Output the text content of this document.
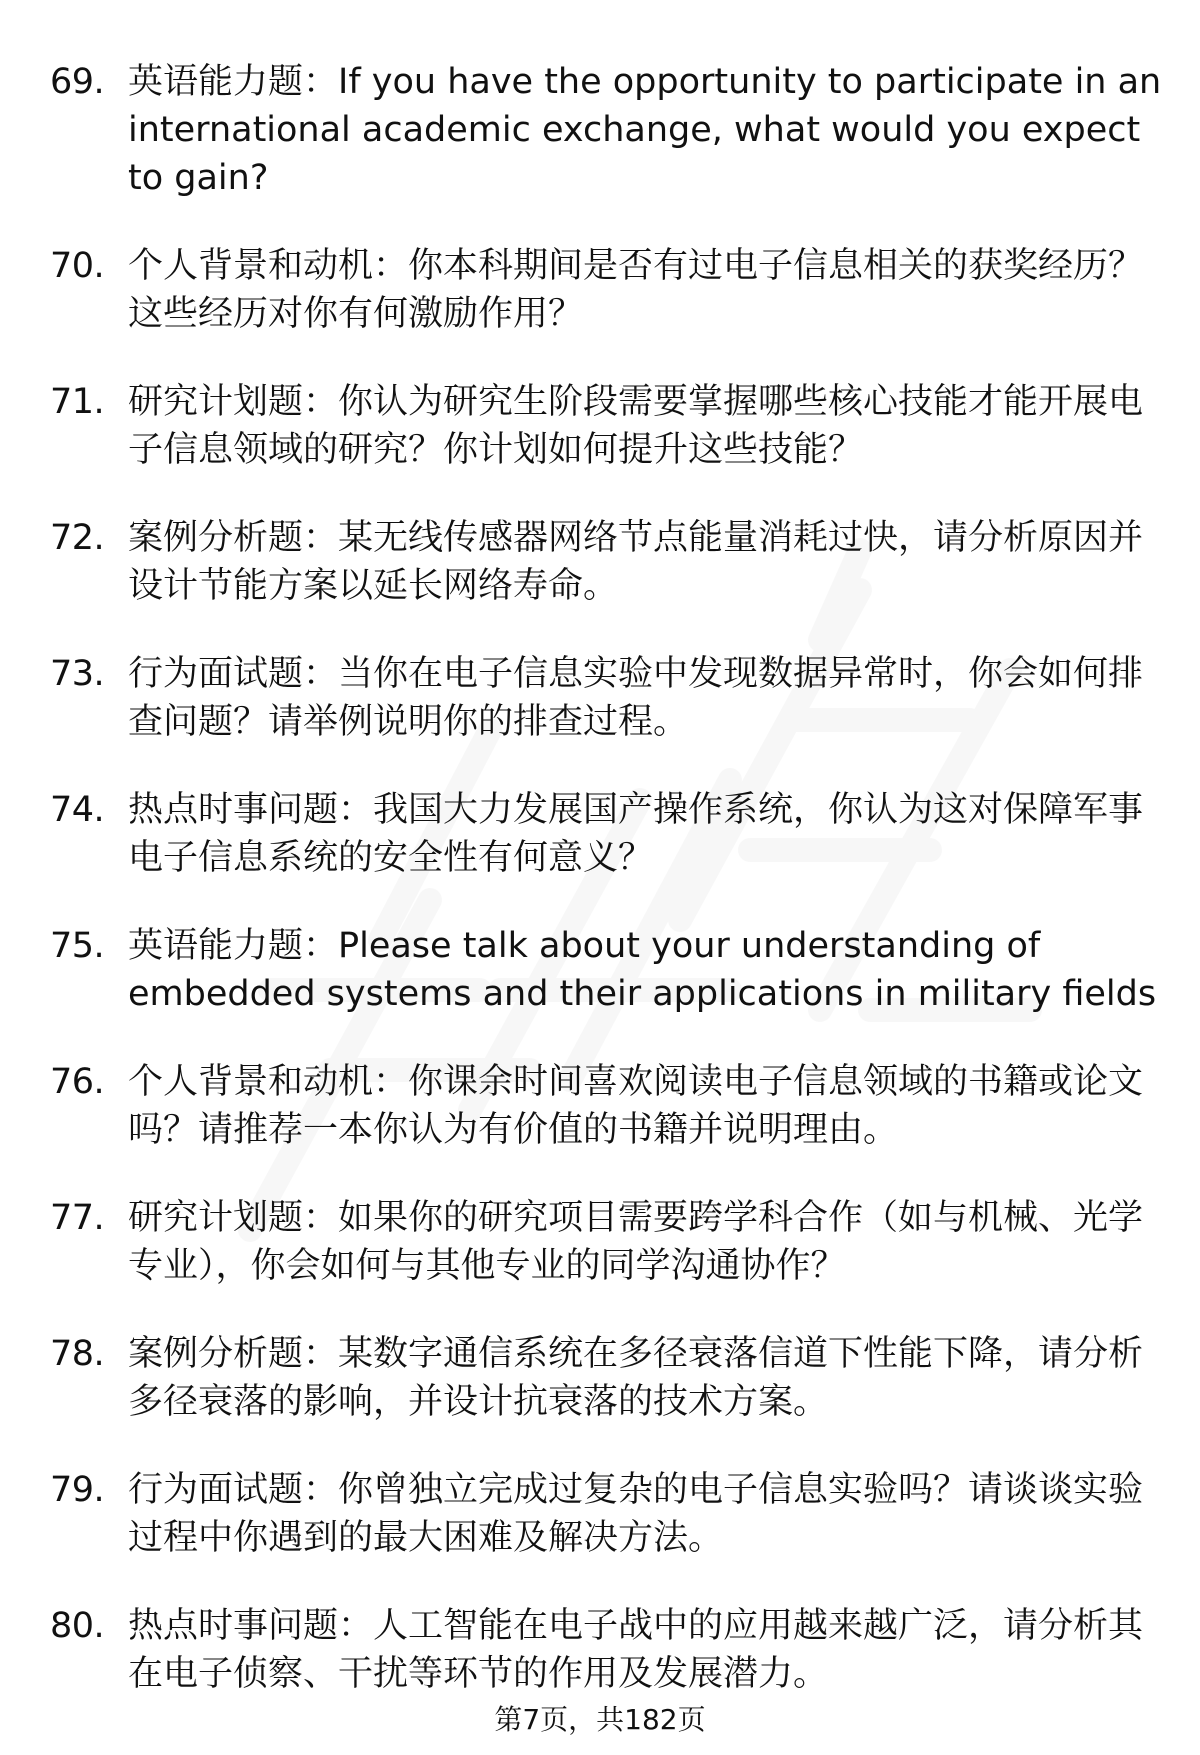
69. 英语能力题：If you have the opportunity to participate in an international academic exchange, what would you expect to gain?
70. 个人背景和动机：你本科期间是否有过电子信息相关的获奖经历？这些经历对你有何激励作用？
71. 研究计划题：你认为研究生阶段需要掌握哪些核心技能才能开展电子信息领域的研究？你计划如何提升这些技能？
72. 案例分析题：某无线传感器网络节点能量消耗过快，请分析原因并设计节能方案以延长网络寿命。
73. 行为面试题：当你在电子信息实验中发现数据异常时，你会如何排查问题？请举例说明你的排查过程。
74. 热点时事问题：我国大力发展国产操作系统，你认为这对保障军事电子信息系统的安全性有何意义？
75. 英语能力题：Please talk about your understanding of embedded systems and their applications in military fields
76. 个人背景和动机：你课余时间喜欢阅读电子信息领域的书籍或论文吗？请推荐一本你认为有价值的书籍并说明理由。
77. 研究计划题：如果你的研究项目需要跨学科合作（如与机械、光学专业），你会如何与其他专业的同学沟通协作？
78. 案例分析题：某数字通信系统在多径衰落信道下性能下降，请分析多径衰落的影响，并设计抗衰落的技术方案。
79. 行为面试题：你曾独立完成过复杂的电子信息实验吗？请谈谈实验过程中你遇到的最大困难及解决方法。
80. 热点时事问题：人工智能在电子战中的应用越来越广泛，请分析其在电子侦察、干扰等环节的作用及发展潜力。
第7页，共182页
